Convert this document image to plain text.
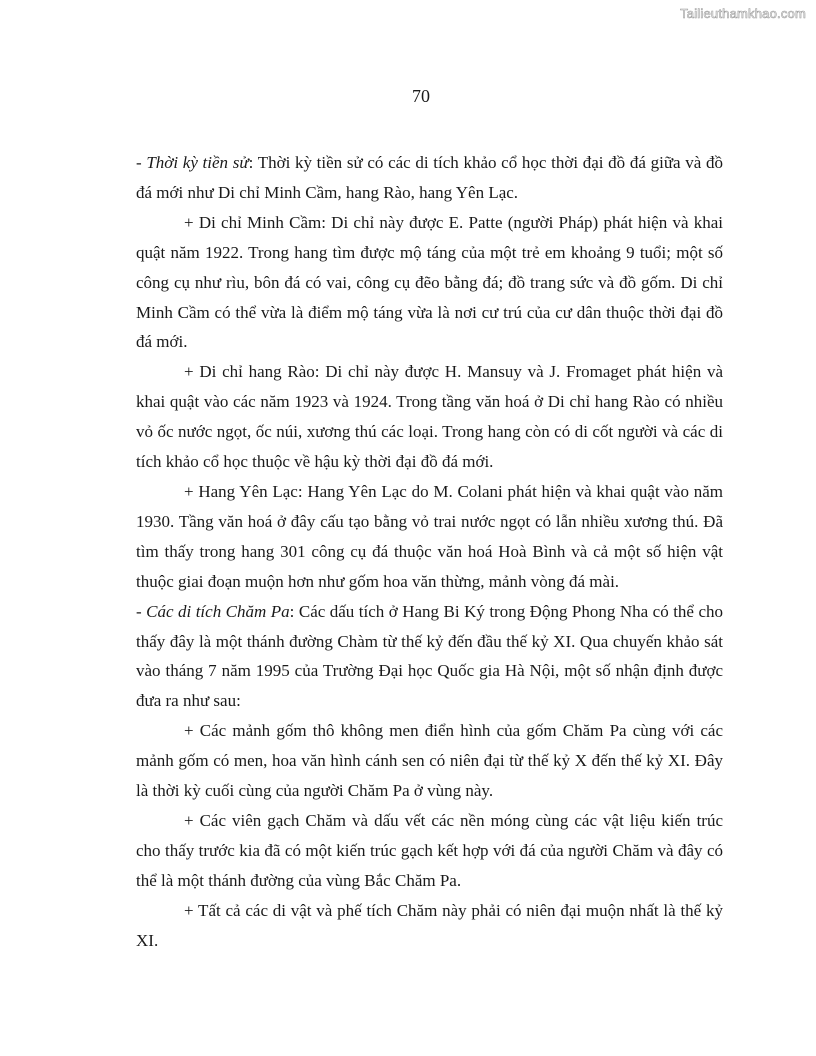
Tailieuthamkhao.com
70

- Thời kỳ tiền sử: Thời kỳ tiền sử có các di tích khảo cổ học thời đại đồ đá giữa và đồ đá mới như Di chỉ Minh Cầm, hang Rào, hang Yên Lạc.

+ Di chỉ Minh Cầm: Di chỉ này được E. Patte (người Pháp) phát hiện và khai quật năm 1922. Trong hang tìm được mộ táng của một trẻ em khoảng 9 tuổi; một số công cụ như rìu, bôn đá có vai, công cụ đẽo bằng đá; đồ trang sức và đồ gốm. Di chỉ Minh Cầm có thể vừa là điểm mộ táng vừa là nơi cư trú của cư dân thuộc thời đại đồ đá mới.

+ Di chỉ hang Rào: Di chỉ này được H. Mansuy và J. Fromaget phát hiện và khai quật vào các năm 1923 và 1924. Trong tầng văn hoá ở Di chỉ hang Rào có nhiều vỏ ốc nước ngọt, ốc núi, xương thú các loại. Trong hang còn có di cốt người và các di tích khảo cổ học thuộc về hậu kỳ thời đại đồ đá mới.

+ Hang Yên Lạc: Hang Yên Lạc do M. Colani phát hiện và khai quật vào năm 1930. Tầng văn hoá ở đây cấu tạo bằng vỏ trai nước ngọt có lẫn nhiều xương thú. Đã tìm thấy trong hang 301 công cụ đá thuộc văn hoá Hoà Bình và cả một số hiện vật thuộc giai đoạn muộn hơn như gốm hoa văn thừng, mảnh vòng đá mài.

- Các di tích Chăm Pa: Các dấu tích ở Hang Bi Ký trong Động Phong Nha có thể cho thấy đây là một thánh đường Chàm từ thế kỷ đến đầu thế kỷ XI. Qua chuyến khảo sát vào tháng 7 năm 1995 của Trường Đại học Quốc gia Hà Nội, một số nhận định được đưa ra như sau:

+ Các mảnh gốm thô không men điển hình của gốm Chăm Pa cùng với các mảnh gốm có men, hoa văn hình cánh sen có niên đại từ thế kỷ X đến thế kỷ XI. Đây là thời kỳ cuối cùng của người Chăm Pa ở vùng này.

+ Các viên gạch Chăm và dấu vết các nền móng cùng các vật liệu kiến trúc cho thấy trước kia đã có một kiến trúc gạch kết hợp với đá của người Chăm và đây có thể là một thánh đường của vùng Bắc Chăm Pa.

+ Tất cả các di vật và phế tích Chăm này phải có niên đại muộn nhất là thế kỷ XI.
